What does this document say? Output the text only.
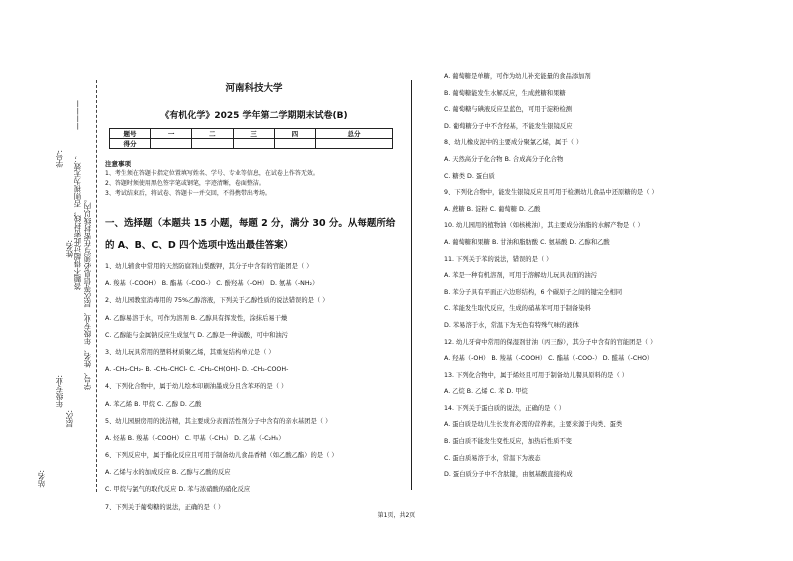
学号:
姓名:
年级专业:
层次:
站名:
答题不得超过此密封线，否则视为无效； 学号、姓名、年级专业、层次等信息必须写在密封线以内。
————
河南科技大学
《有机化学》2025 学年第二学期期末试卷(B)
题号	一	二	三	四	总分
得分					
注意事项
1、考生须在答题卡指定位置填写姓名、学号、专业等信息，在试卷上作答无效。
2、答题时须使用黑色签字笔或钢笔，字迹清晰，卷面整洁。
3、考试结束后，将试卷、答题卡一并交回，不得携带出考场。
一、选择题（本题共 15 小题，每题 2 分，满分 30 分。从每题所给
的 A、B、C、D 四个选项中选出最佳答案）
1、幼儿辅食中常用的天然防腐剂山梨酸钾，其分子中含有的官能团是（ ）
A. 羧基（-COOH） B. 酯基（-COO-） C. 酚羟基（-OH） D. 氨基（-NH₂）
2、幼儿园教室消毒用的 75%乙醇溶液，下列关于乙醇性质的说法错误的是（ ）
A. 乙醇易溶于水，可作为溶剂 B. 乙醇具有挥发性，涂抹后易干燥
C. 乙醇能与金属钠反应生成氢气 D. 乙醇是一种弱酸，可中和油污
3、幼儿玩具常用的塑料材质聚乙烯，其重复结构单元是（ ）
A. -CH₂-CH₂- B. -CH₂-CHCl- C. -CH₂-CH(OH)- D. -CH₂-COOH-
4、下列化合物中，属于幼儿绘本印刷油墨成分且含苯环的是（ ）
A. 苯乙烯 B. 甲烷 C. 乙醇 D. 乙酸
5、幼儿园厨房用的洗洁精，其主要成分表面活性剂分子中含有的亲水基团是（ ）
A. 烃基 B. 羧基（-COOH） C. 甲基（-CH₃） D. 乙基（-C₂H₅）
6、下列反应中，属于酯化反应且可用于制备幼儿食品香精（如乙酸乙酯）的是（ ）
A. 乙烯与水的加成反应 B. 乙醇与乙酸的反应
C. 甲烷与氯气的取代反应 D. 苯与浓硝酸的硝化反应
7、下列关于葡萄糖的说法，正确的是（ ）
A. 葡萄糖是单糖，可作为幼儿补充能量的食品添加剂
B. 葡萄糖能发生水解反应，生成蔗糖和果糖
C. 葡萄糖与碘液反应呈蓝色，可用于淀粉检测
D. 葡萄糖分子中不含羟基，不能发生银镜反应
8、幼儿橡皮泥中的主要成分聚氯乙烯，属于（ ）
A. 天然高分子化合物 B. 合成高分子化合物
C. 糖类 D. 蛋白质
9、下列化合物中，能发生银镜反应且可用于检测幼儿食品中还原糖的是（ ）
A. 蔗糖 B. 淀粉 C. 葡萄糖 D. 乙酸
10. 幼儿园用的植物油（如核桃油），其主要成分油脂的水解产物是（ ）
A. 葡萄糖和果糖 B. 甘油和脂肪酸 C. 氨基酸 D. 乙醇和乙酸
11. 下列关于苯的说法，错误的是（ ）
A. 苯是一种有机溶剂，可用于溶解幼儿玩具表面的油污
B. 苯分子具有平面正六边形结构，6 个碳原子之间的键完全相同
C. 苯能发生取代反应，生成的硝基苯可用于制备染料
D. 苯易溶于水，常温下为无色有特殊气味的液体
12. 幼儿牙膏中常用的保湿剂甘油（丙三醇），其分子中含有的官能团是（ ）
A. 羟基（-OH） B. 羧基（-COOH） C. 酯基（-COO-） D. 醛基（-CHO）
13. 下列化合物中，属于烯烃且可用于制备幼儿餐具原料的是（ ）
A. 乙烷 B. 乙烯 C. 苯 D. 甲烷
14. 下列关于蛋白质的说法，正确的是（ ）
A. 蛋白质是幼儿生长发育必需的营养素，主要来源于肉类、蛋类
B. 蛋白质不能发生变性反应，加热后性质不变
C. 蛋白质易溶于水，常温下为液态
D. 蛋白质分子中不含肽键，由氨基酸直接构成
第1页，共2页
